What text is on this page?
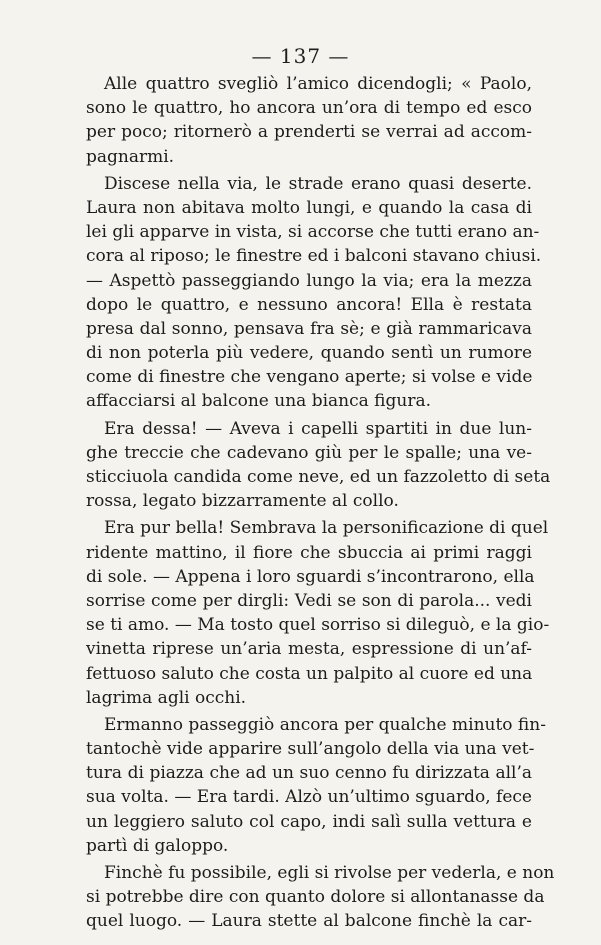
— 137 —
Alle quattro svegliò l’amico dicendogli; « Paolo,
sono le quattro, ho ancora un’ora di tempo ed esco
per poco; ritornerò a prenderti se verrai ad accom-
pagnarmi.
Discese nella via, le strade erano quasi deserte.
Laura non abitava molto lungi, e quando la casa di
lei gli apparve in vista, si accorse che tutti erano an-
cora al riposo; le finestre ed i balconi stavano chiusi.
— Aspettò passeggiando lungo la via; era la mezza
dopo le quattro, e nessuno ancora! Ella è restata
presa dal sonno, pensava fra sè; e già rammaricava
di non poterla più vedere, quando sentì un rumore
come di finestre che vengano aperte; si volse e vide
affacciarsi al balcone una bianca figura.
Era dessa! — Aveva i capelli spartiti in due lun-
ghe treccie che cadevano giù per le spalle; una ve-
sticciuola candida come neve, ed un fazzoletto di seta
rossa, legato bizzarramente al collo.
Era pur bella! Sembrava la personificazione di quel
ridente mattino, il fiore che sbuccia ai primi raggi
di sole. — Appena i loro sguardi s’incontrarono, ella
sorrise come per dirgli: Vedi se son di parola... vedi
se ti amo. — Ma tosto quel sorriso si dileguò, e la gio-
vinetta riprese un’aria mesta, espressione di un’af-
fettuoso saluto che costa un palpito al cuore ed una
lagrima agli occhi.
Ermanno passeggiò ancora per qualche minuto fin-
tantochè vide apparire sull’angolo della via una vet-
tura di piazza che ad un suo cenno fu dirizzata all’a
sua volta. — Era tardi. Alzò un’ultimo sguardo, fece
un leggiero saluto col capo, indi salì sulla vettura e
partì di galoppo.
Finchè fu possibile, egli si rivolse per vederla, e non
si potrebbe dire con quanto dolore si allontanasse da
quel luogo. — Laura stette al balcone finchè la car-
